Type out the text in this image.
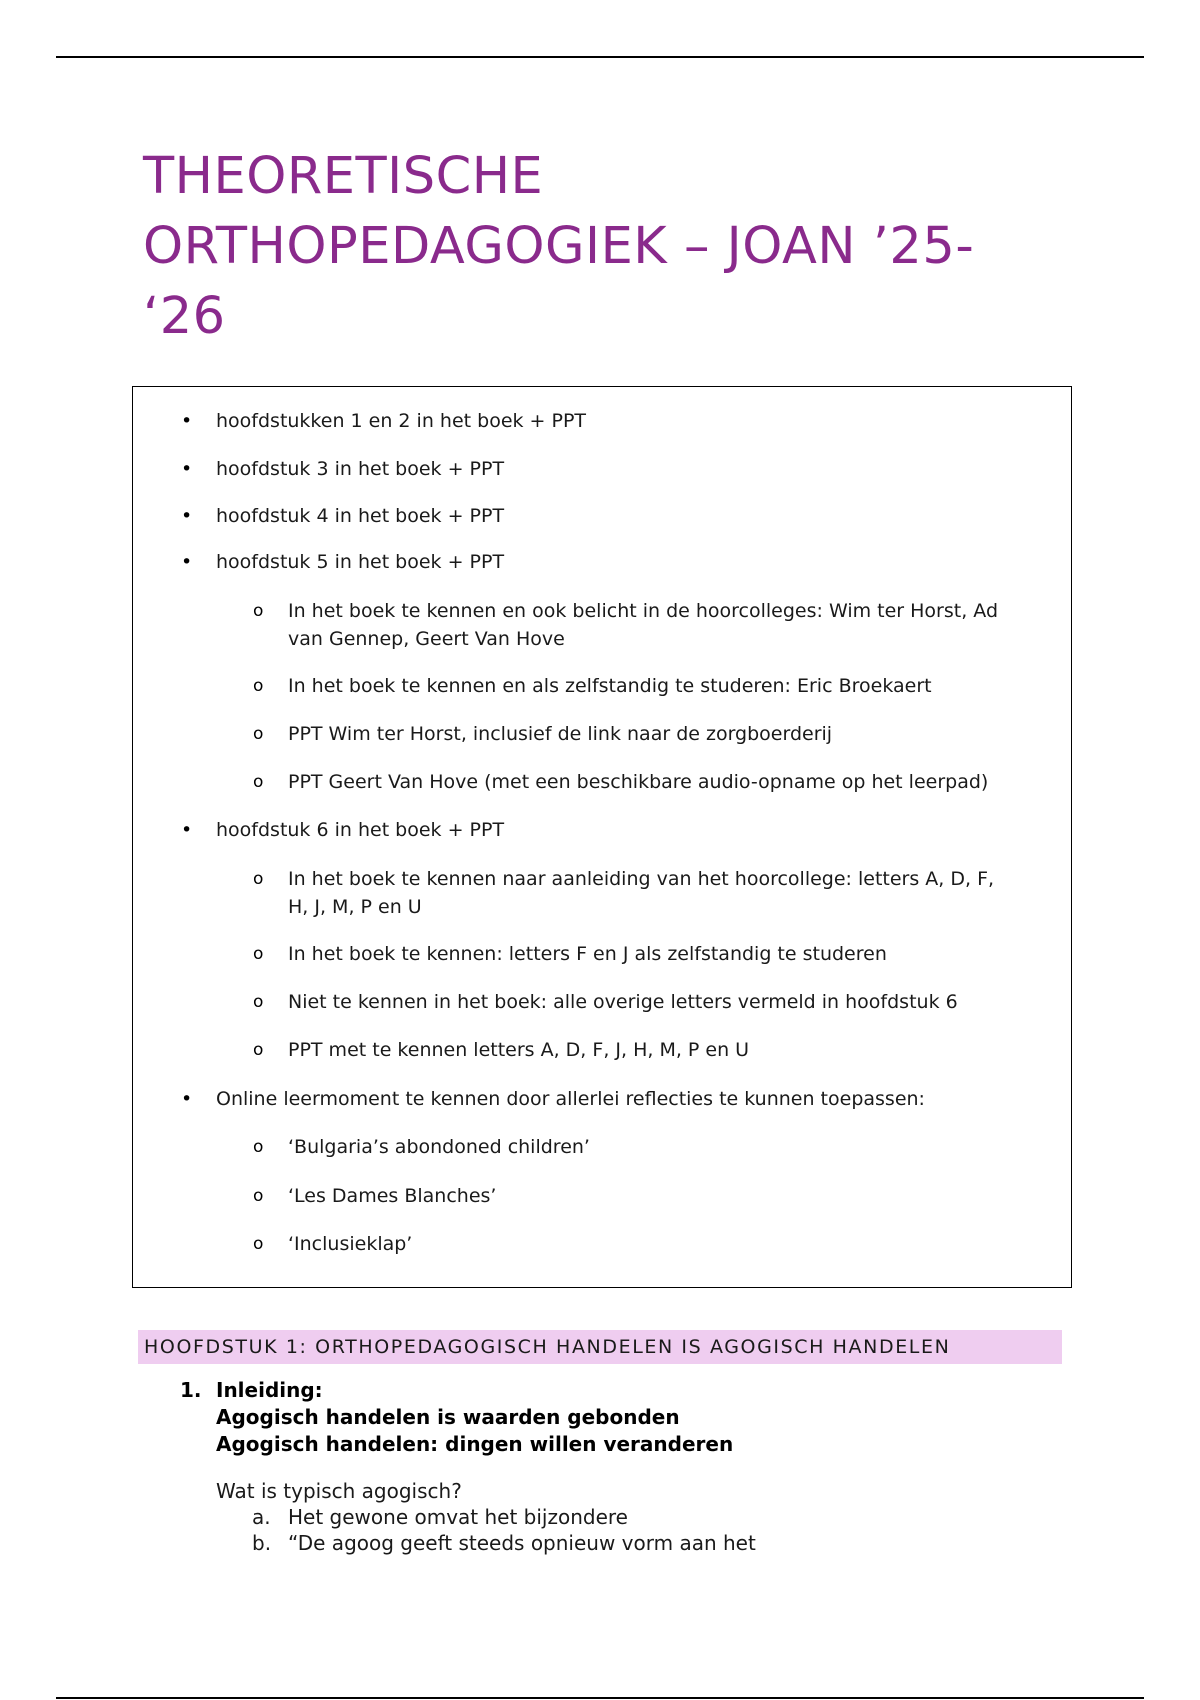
THEORETISCHE
ORTHOPEDAGOGIEK – JOAN ’25-
‘26
• hoofdstukken 1 en 2 in het boek + PPT
• hoofdstuk 3 in het boek + PPT
• hoofdstuk 4 in het boek + PPT
• hoofdstuk 5 in het boek + PPT
o In het boek te kennen en ook belicht in de hoorcolleges: Wim ter Horst, Ad
van Gennep, Geert Van Hove
o In het boek te kennen en als zelfstandig te studeren: Eric Broekaert
o PPT Wim ter Horst, inclusief de link naar de zorgboerderij
o PPT Geert Van Hove (met een beschikbare audio-opname op het leerpad)
• hoofdstuk 6 in het boek + PPT
o In het boek te kennen naar aanleiding van het hoorcollege: letters A, D, F,
H, J, M, P en U
o In het boek te kennen: letters F en J als zelfstandig te studeren
o Niet te kennen in het boek: alle overige letters vermeld in hoofdstuk 6
o PPT met te kennen letters A, D, F, J, H, M, P en U
• Online leermoment te kennen door allerlei reflecties te kunnen toepassen:
o ‘Bulgaria’s abondoned children’
o ‘Les Dames Blanches’
o ‘Inclusieklap’
HOOFDSTUK 1: ORTHOPEDAGOGISCH HANDELEN IS AGOGISCH HANDELEN
1. Inleiding:
Agogisch handelen is waarden gebonden
Agogisch handelen: dingen willen veranderen
Wat is typisch agogisch?
a. Het gewone omvat het bijzondere
b. “De agoog geeft steeds opnieuw vorm aan het
